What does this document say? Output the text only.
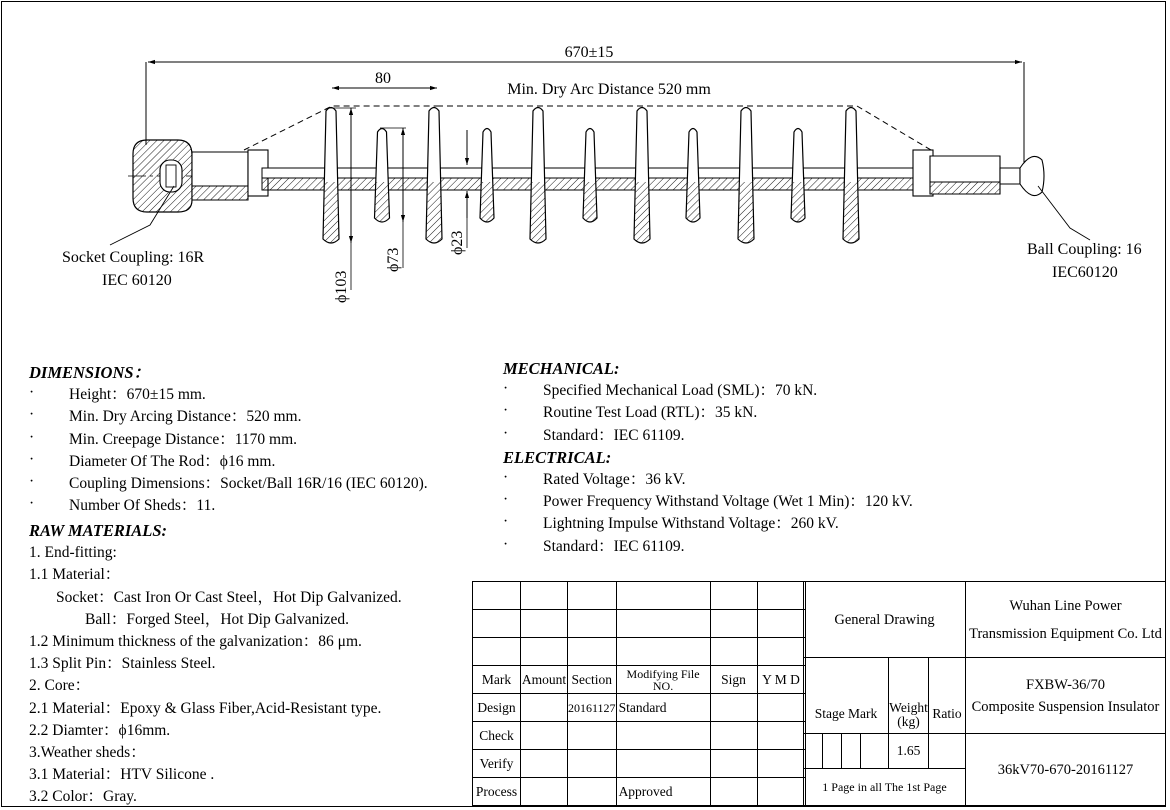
670±15
80
Min. Dry Arc Distance 520 mm
ϕ103
ϕ73
ϕ23
Socket Coupling: 16R
IEC 60120
Ball Coupling: 16
IEC60120
DIMENSIONS：
· Height：670±15 mm.
· Min. Dry Arcing Distance：520 mm.
· Min. Creepage Distance：1170 mm.
· Diameter Of The Rod：ϕ16 mm.
· Coupling Dimensions：Socket/Ball 16R/16 (IEC 60120).
· Number Of Sheds：11.
MECHANICAL:
· Specified Mechanical Load (SML)：70 kN.
· Routine Test Load (RTL)：35 kN.
· Standard：IEC 61109.
ELECTRICAL:
· Rated Voltage：36 kV.
· Power Frequency Withstand Voltage (Wet 1 Min)：120 kV.
· Lightning Impulse Withstand Voltage：260 kV.
· Standard：IEC 61109.
RAW MATERIALS:
1. End-fitting:
1.1 Material：
Socket：Cast Iron Or Cast Steel，Hot Dip Galvanized.
Ball：Forged Steel，Hot Dip Galvanized.
1.2 Minimum thickness of the galvanization：86 μm.
1.3 Split Pin：Stainless Steel.
2. Core：
2.1 Material：Epoxy & Glass Fiber,Acid-Resistant type.
2.2 Diamter：ϕ16mm.
3.Weather sheds：
3.1 Material：HTV Silicone .
3.2 Color：Gray.

Mark	Amount	Section	Modifying File NO.	Sign	Y M D
Design		20161127	Standard		
Check					
Verify					
Process			Approved		
General Drawing						Wuhan Line Power
Transmission Equipment Co. Ltd
Stage Mark				Weight (kg)	Ratio	FXBW-36/70
Composite Suspension Insulator
				1.65		36kV70-670-20161127
1 Page in all The 1st Page						
